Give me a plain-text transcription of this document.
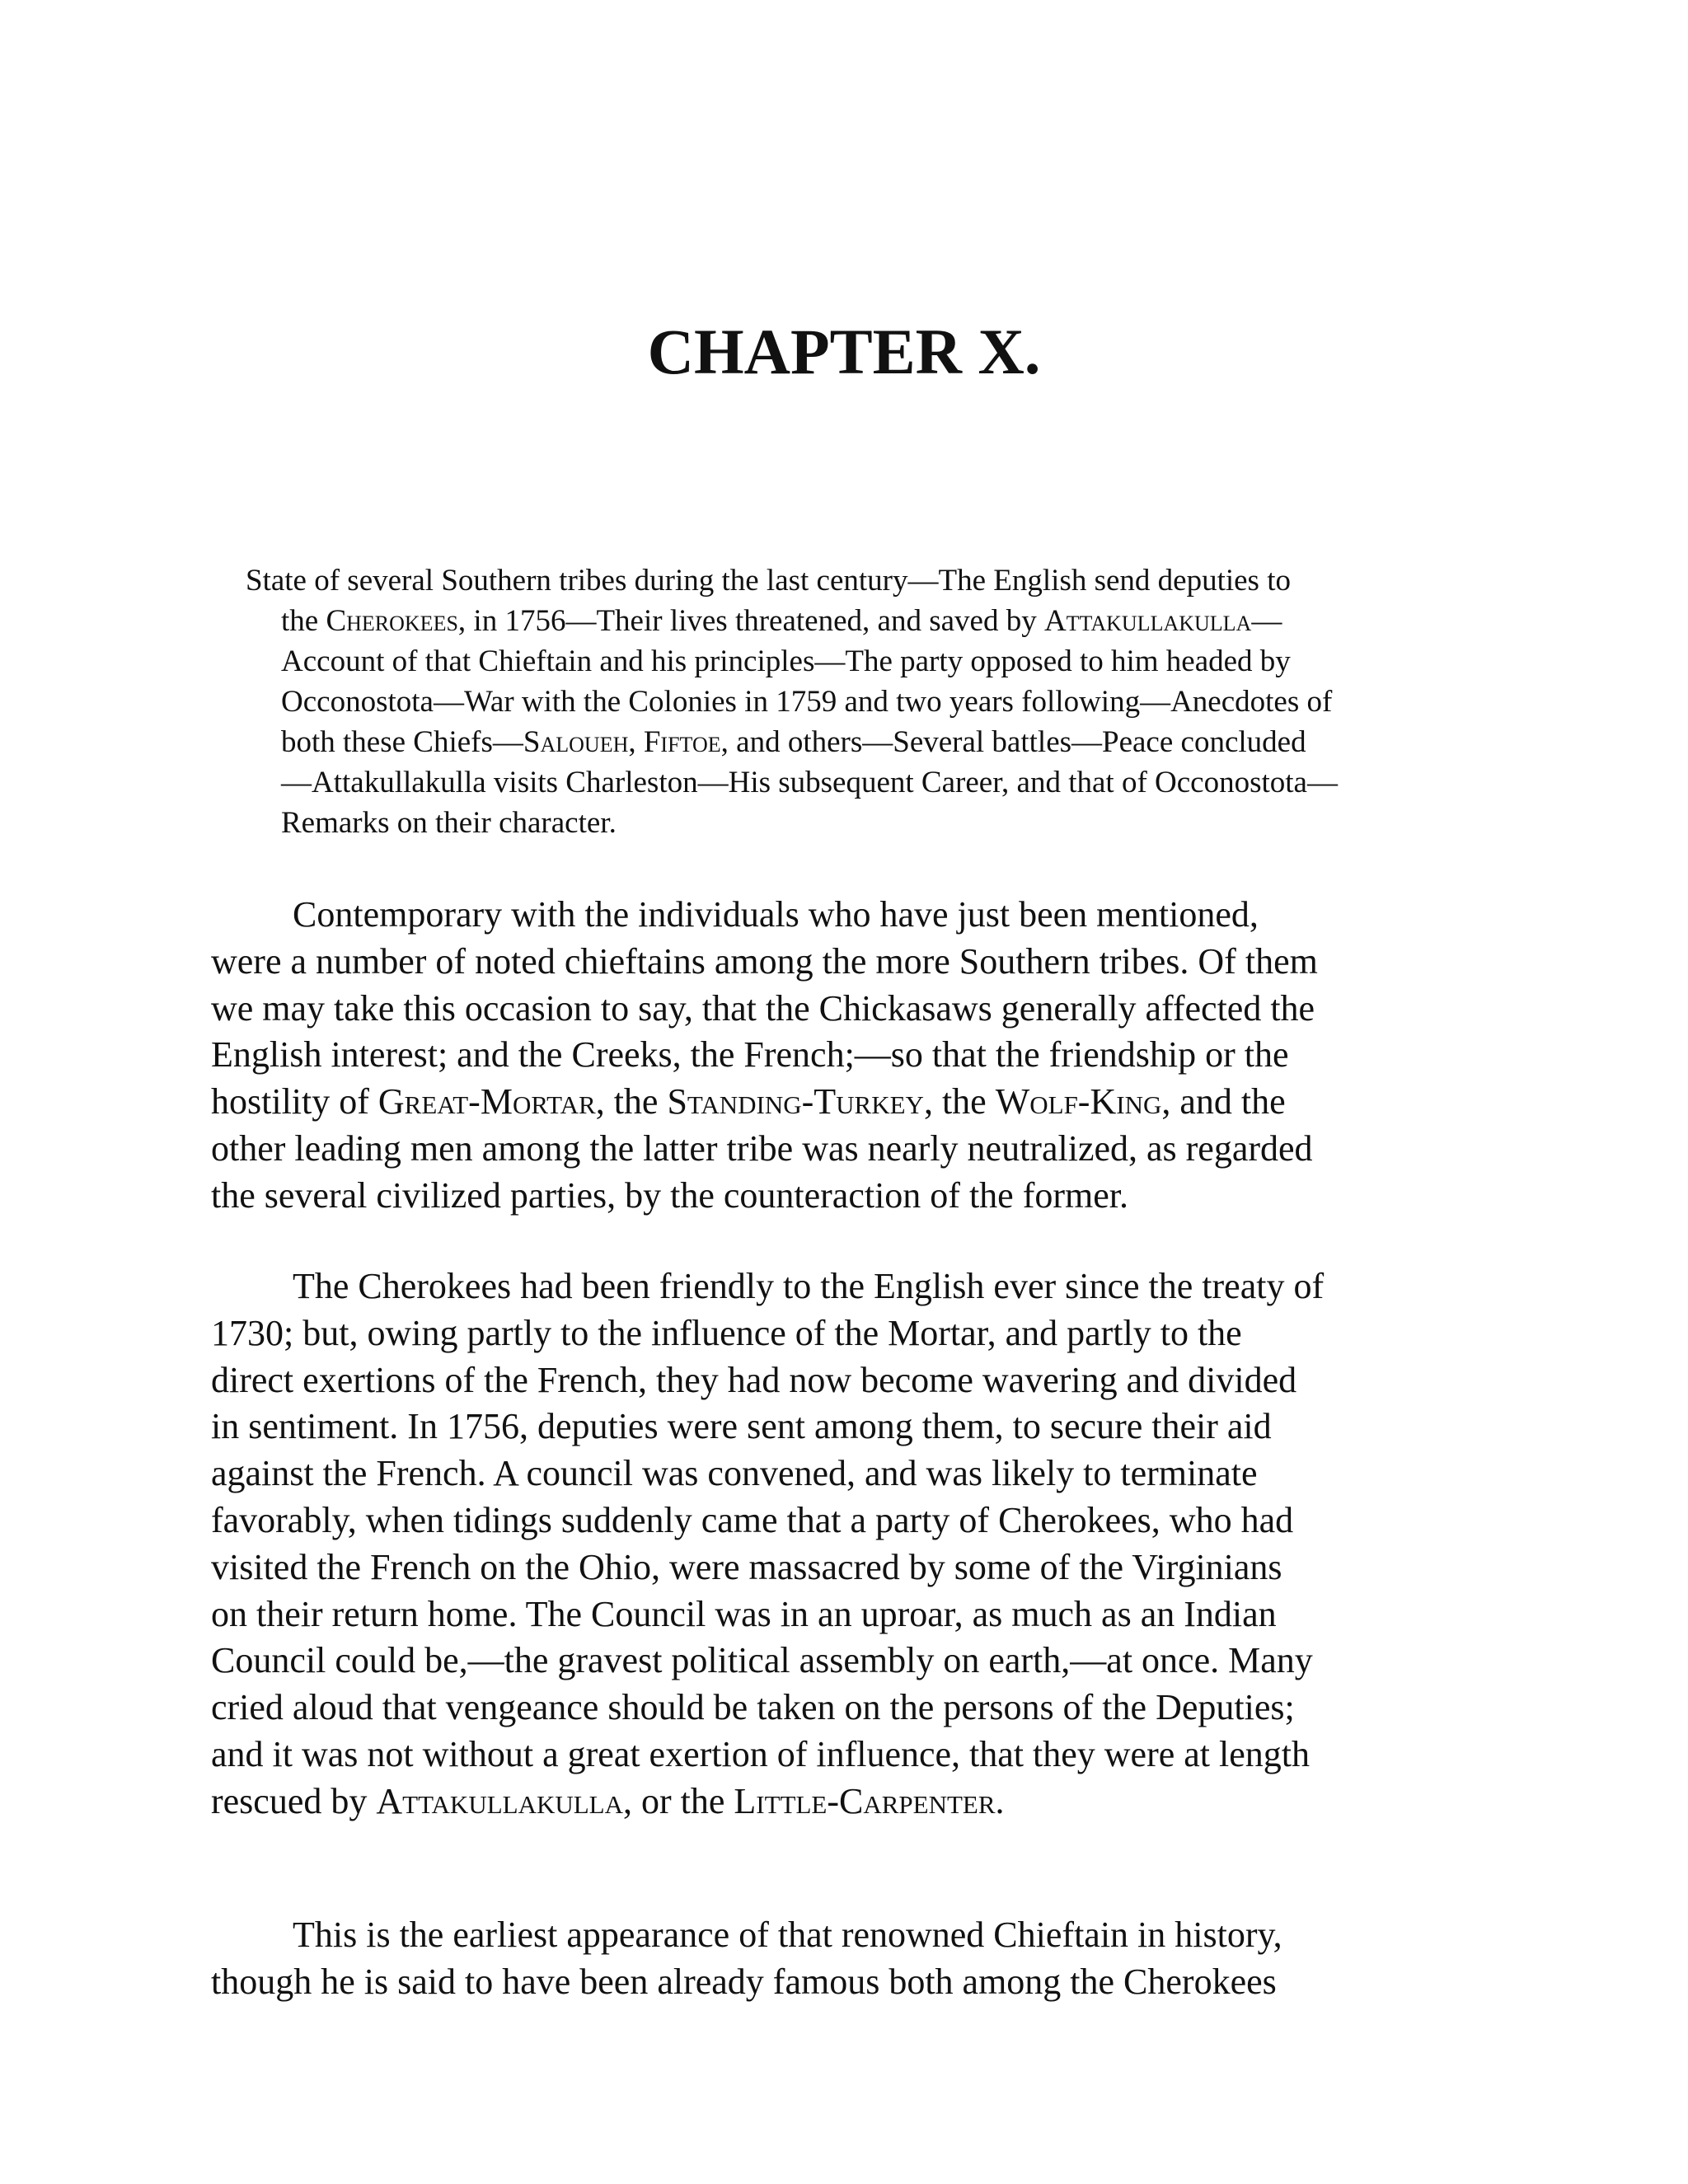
CHAPTER X.
State of several Southern tribes during the last century—The English send deputies to
the Cherokees, in 1756—Their lives threatened, and saved by Attakullakulla—
Account of that Chieftain and his principles—The party opposed to him headed by
Occonostota—War with the Colonies in 1759 and two years following—Anecdotes of
both these Chiefs—Saloueh, Fiftoe, and others—Several battles—Peace concluded
—Attakullakulla visits Charleston—His subsequent Career, and that of Occonostota—
Remarks on their character.
Contemporary with the individuals who have just been mentioned,
were a number of noted chieftains among the more Southern tribes. Of them
we may take this occasion to say, that the Chickasaws generally affected the
English interest; and the Creeks, the French;—so that the friendship or the
hostility of Great-Mortar, the Standing-Turkey, the Wolf-King, and the
other leading men among the latter tribe was nearly neutralized, as regarded
the several civilized parties, by the counteraction of the former.
The Cherokees had been friendly to the English ever since the treaty of
1730; but, owing partly to the influence of the Mortar, and partly to the
direct exertions of the French, they had now become wavering and divided
in sentiment. In 1756, deputies were sent among them, to secure their aid
against the French. A council was convened, and was likely to terminate
favorably, when tidings suddenly came that a party of Cherokees, who had
visited the French on the Ohio, were massacred by some of the Virginians
on their return home. The Council was in an uproar, as much as an Indian
Council could be,—the gravest political assembly on earth,—at once. Many
cried aloud that vengeance should be taken on the persons of the Deputies;
and it was not without a great exertion of influence, that they were at length
rescued by Attakullakulla, or the Little-Carpenter.
This is the earliest appearance of that renowned Chieftain in history,
though he is said to have been already famous both among the Cherokees
